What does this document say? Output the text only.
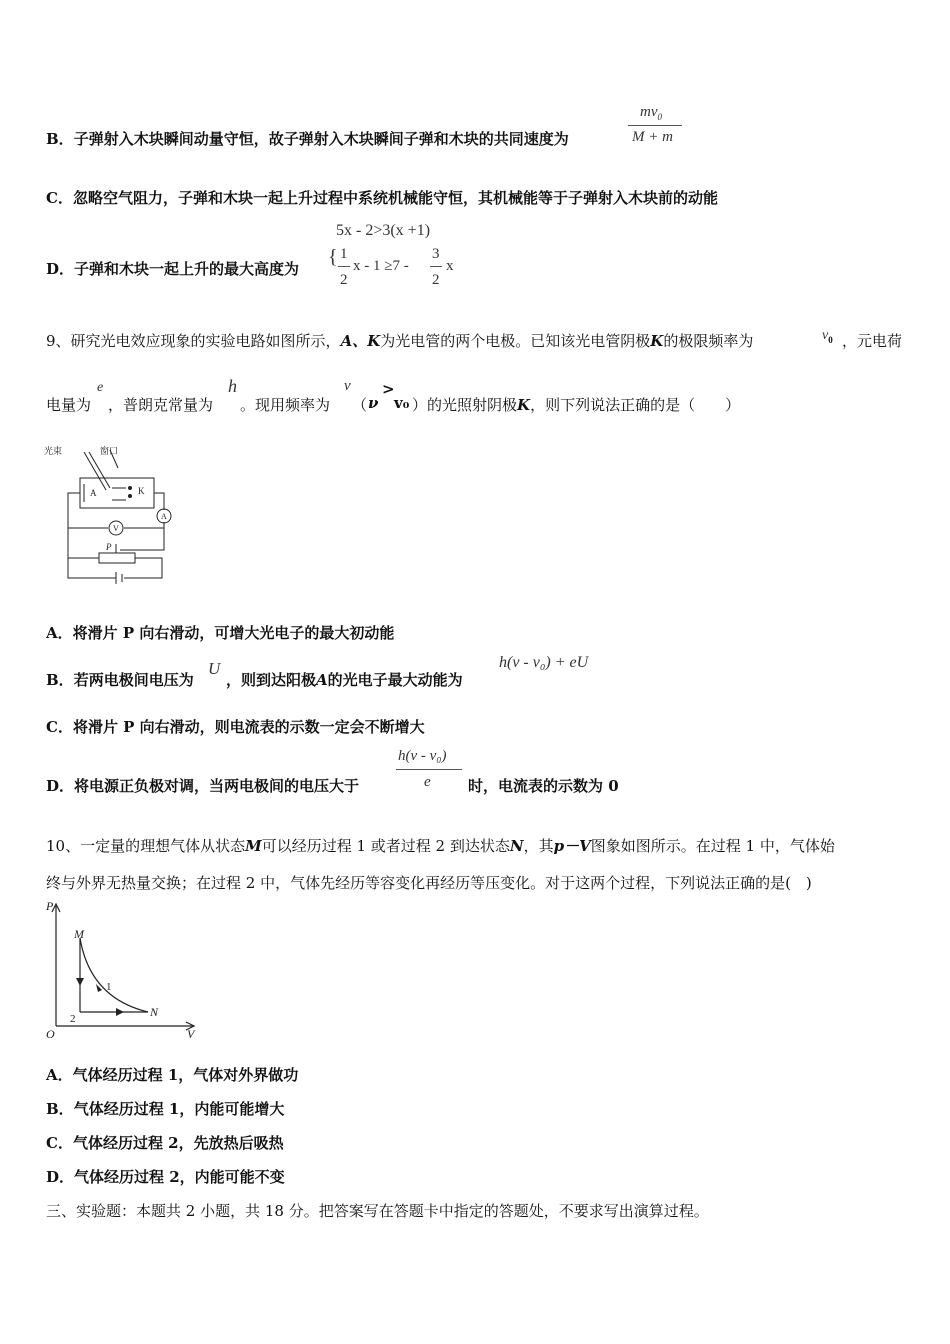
B．子弹射入木块瞬间动量守恒，故子弹射入木块瞬间子弹和木块的共同速度为
$mv_0$
M + m
C．忽略空气阻力，子弹和木块一起上升过程中系统机械能守恒，其机械能等于子弹射入木块前的动能
5x - 2>3(x +1)
D．子弹和木块一起上升的最大高度为
{ 1
2
x - 1 ≥7 -
3
2
x
9、研究光电效应现象的实验电路如图所示，A、K为光电管的两个电极。已知该光电管阴极K的极限频率为	$\nu_0$ ，元电荷
电量为
e
，普朗克常量为
h
。现用频率为
ν
（ ν
>
v₀ ）的光照射阴极K，则下列说法正确的是（　　）
光束	窗口
A	K
V
A
P
A．将滑片 P 向右滑动，可增大光电子的最大初动能
B．若两电极间电压为
U
，则到达阳极A的光电子最大动能为
h(ν - ν₀) + eU
C．将滑片 P 向右滑动，则电流表的示数一定会不断增大
D．将电源正负极对调，当两电极间的电压大于
h(ν - ν₀)
e 时，电流表的示数为 0
10、一定量的理想气体从状态M可以经历过程 1 或者过程 2 到达状态N，其p－V图象如图所示。在过程 1 中，气体始
终与外界无热量交换；在过程 2 中，气体先经历等容变化再经历等压变化。对于这两个过程，下列说法正确的是(　)
P
M
1
2	N
O	V
A．气体经历过程 1，气体对外界做功
B．气体经历过程 1，内能可能增大
C．气体经历过程 2，先放热后吸热
D．气体经历过程 2，内能可能不变
三、实验题：本题共 2 小题，共 18 分。把答案写在答题卡中指定的答题处，不要求写出演算过程。
